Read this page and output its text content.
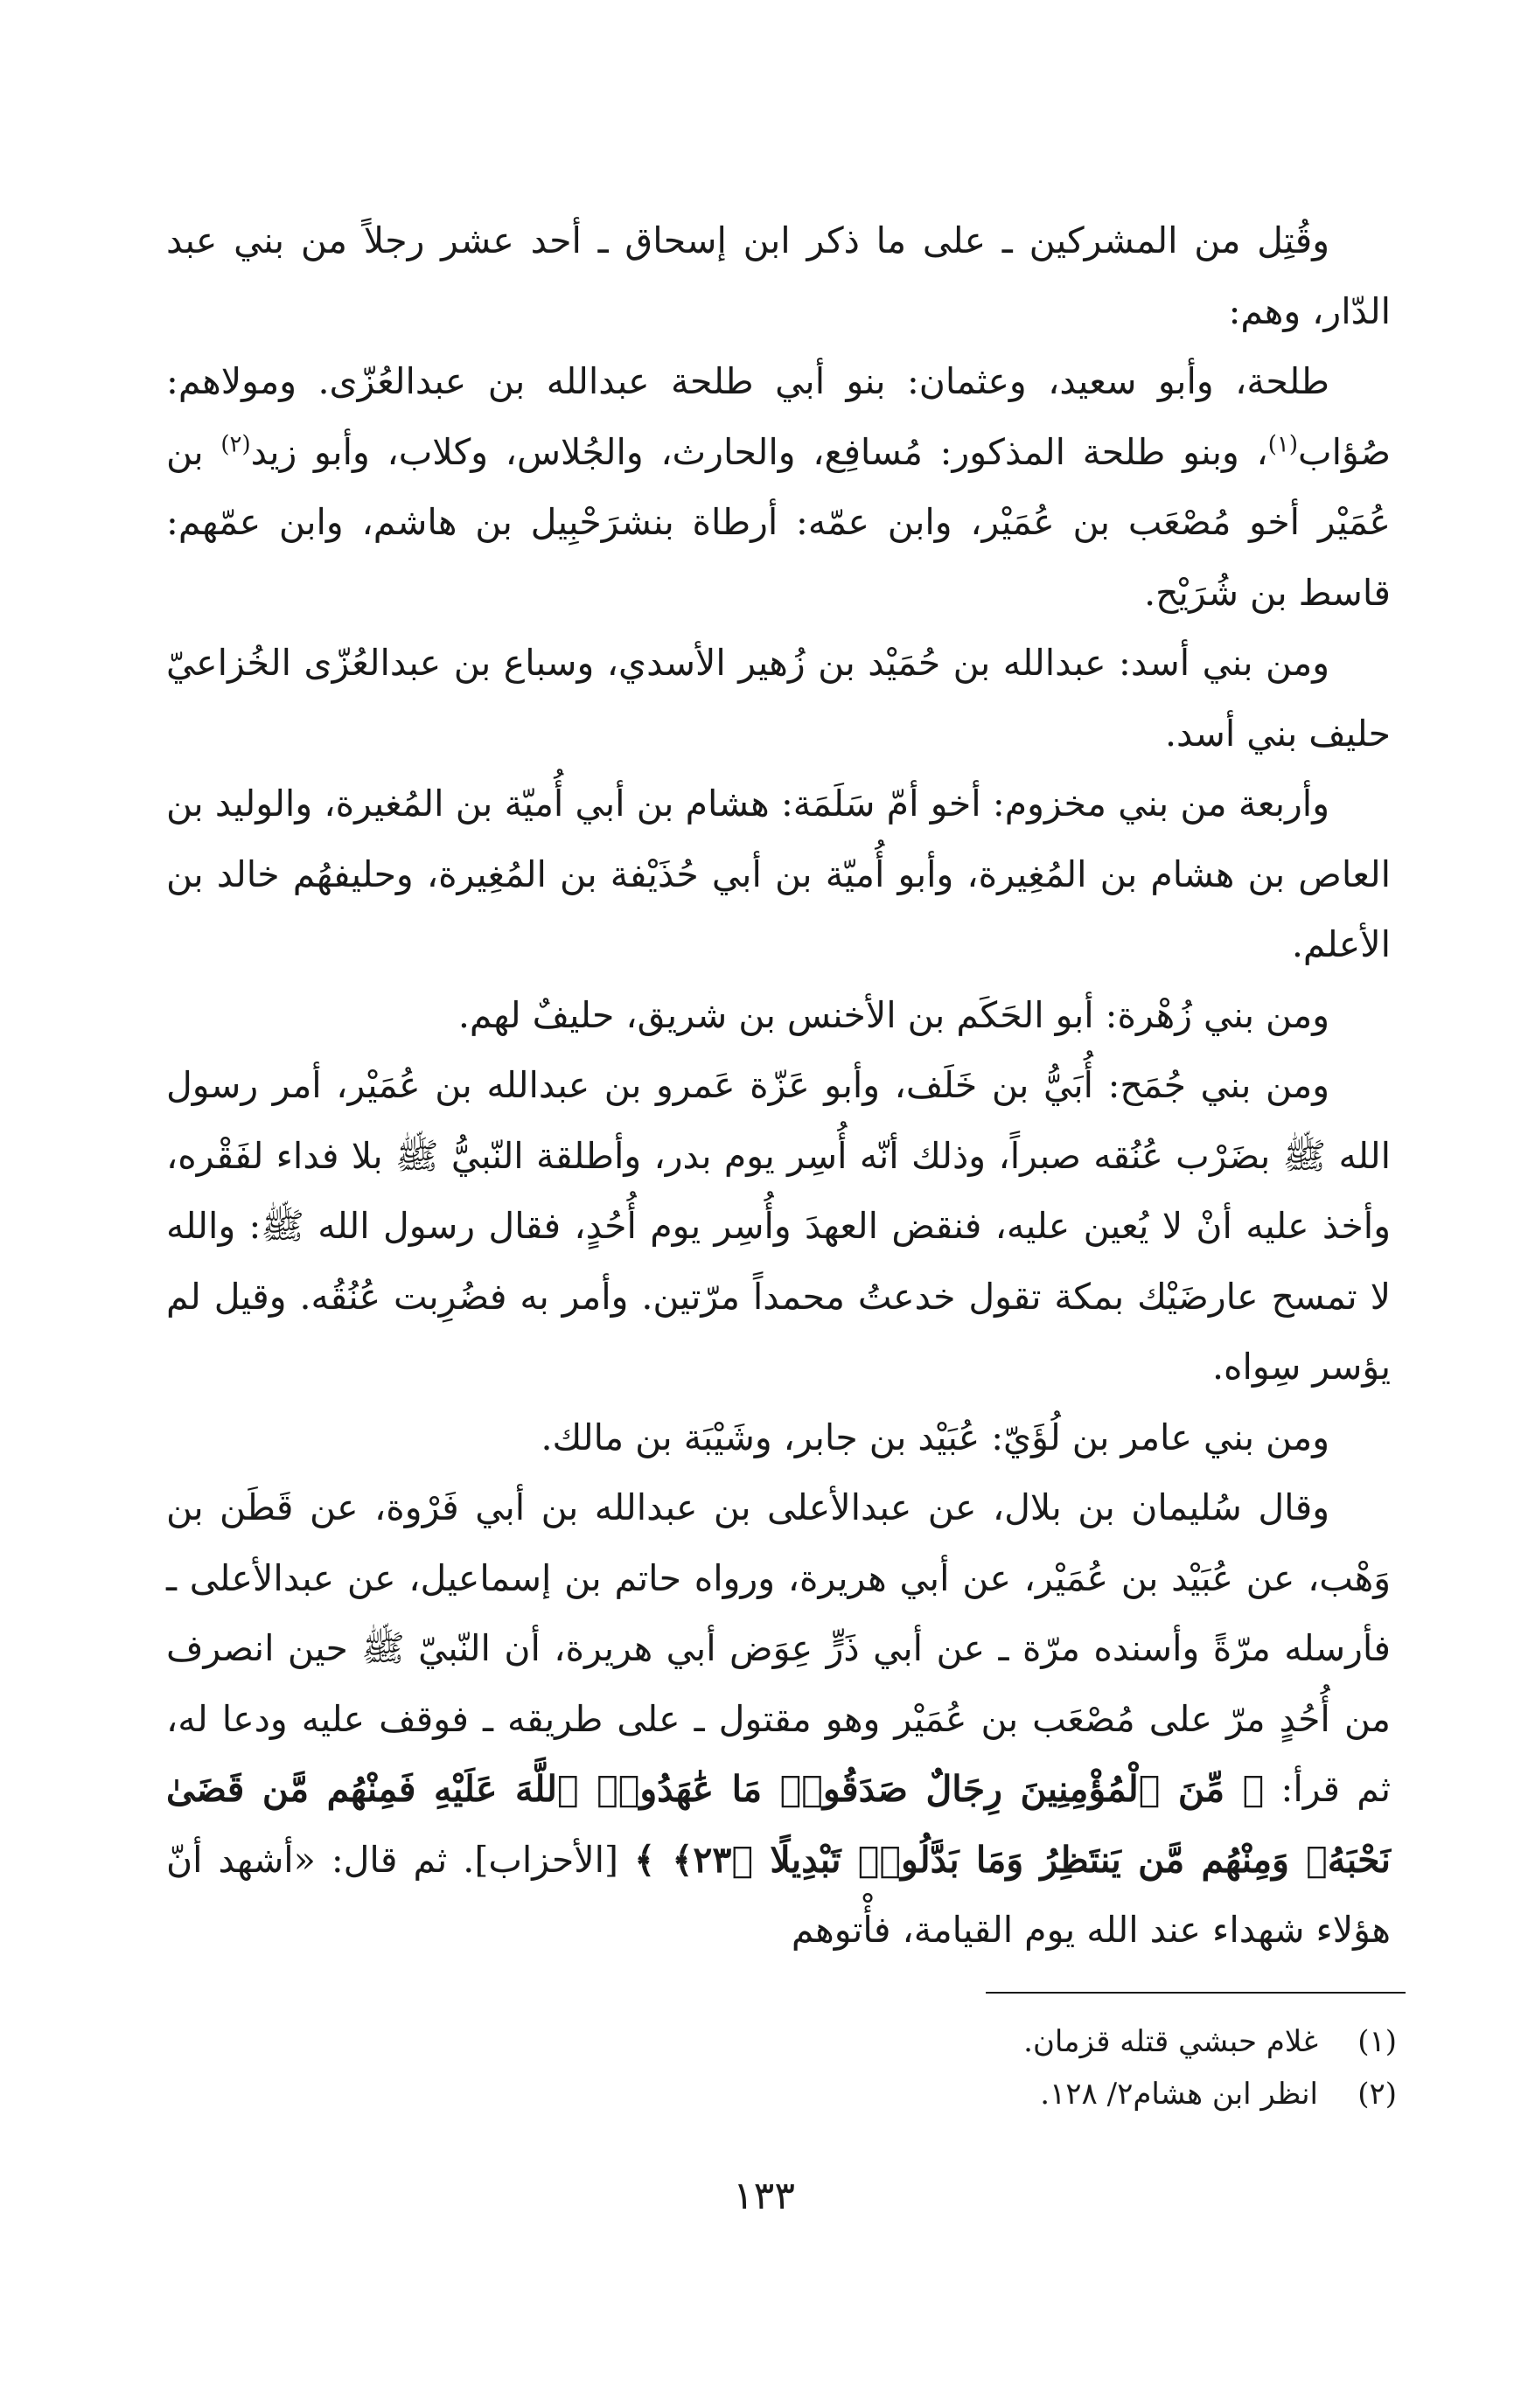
وقُتِل من المشركين ـ على ما ذكر ابن إسحاق ـ أحد عشر رجلاً من بني عبد الدّار، وهم:

طلحة، وأبو سعيد، وعثمان: بنو أبي طلحة عبدالله بن عبدالعُزّى. ومولاهم: صُؤاب$^{(١)}$، وبنو طلحة المذكور: مُسافِع، والحارث، والجُلاس، وكلاب، وأبو زيد$^{(٢)}$ بن عُمَيْر أخو مُصْعَب بن عُمَيْر، وابن عمّه: أرطاة بنشرَحْبِيل بن هاشم، وابن عمّهم: قاسط بن شُرَيْح.

ومن بني أسد: عبدالله بن حُمَيْد بن زُهير الأسدي، وسباع بن عبدالعُزّى الخُزاعيّ حليف بني أسد.

وأربعة من بني مخزوم: أخو أمّ سَلَمَة: هشام بن أبي أُميّة بن المُغيرة، والوليد بن العاص بن هشام بن المُغِيرة، وأبو أُميّة بن أبي حُذَيْفة بن المُغِيرة، وحليفهُم خالد بن الأعلم.

ومن بني زُهْرة: أبو الحَكَم بن الأخنس بن شريق، حليفٌ لهم.

ومن بني جُمَح: أُبَيُّ بن خَلَف، وأبو عَزّة عَمرو بن عبدالله بن عُمَيْر، أمر رسول الله ﷺ بضَرْب عُنُقه صبراً، وذلك أنّه أُسِر يوم بدر، وأطلقة النّبيُّ ﷺ بلا فداء لفَقْره، وأخذ عليه أنْ لا يُعين عليه، فنقض العهدَ وأُسِر يوم أُحُدٍ، فقال رسول الله ﷺ: والله لا تمسح عارضَيْك بمكة تقول خدعتُ محمداً مرّتين. وأمر به فضُرِبت عُنُقُه. وقيل لم يؤسر سِواه.

ومن بني عامر بن لُؤَيّ: عُبَيْد بن جابر، وشَيْبَة بن مالك.

وقال سُليمان بن بلال، عن عبدالأعلى بن عبدالله بن أبي فَرْوة، عن قَطَن بن وَهْب، عن عُبَيْد بن عُمَيْر، عن أبي هريرة، ورواه حاتم بن إسماعيل، عن عبدالأعلى ـ فأرسله مرّةً وأسنده مرّة ـ عن أبي ذَرٍّ عِوَض أبي هريرة، أن النّبيّ ﷺ حين انصرف من أُحُدٍ مرّ على مُصْعَب بن عُمَيْر وهو مقتول ـ على طريقه ـ فوقف عليه ودعا له، ثم قرأ: ﴿ مِّنَ ٱلْمُؤْمِنِينَ رِجَالٌ صَدَقُوا۟ مَا عَٰهَدُوا۟ ٱللَّهَ عَلَيْهِ فَمِنْهُم مَّن قَضَىٰ نَحْبَهُۥ وَمِنْهُم مَّن يَنتَظِرُ وَمَا بَدَّلُوا۟ تَبْدِيلًا ﴿٢٣﴾ ﴾ [الأحزاب]. ثم قال: «أشهد أنّ هؤلاء شهداء عند الله يوم القيامة، فأْتوهم

(١)
غلام حبشي قتله قزمان.
(٢)
انظر ابن هشام٢/ ١٢٨.
١٣٣
